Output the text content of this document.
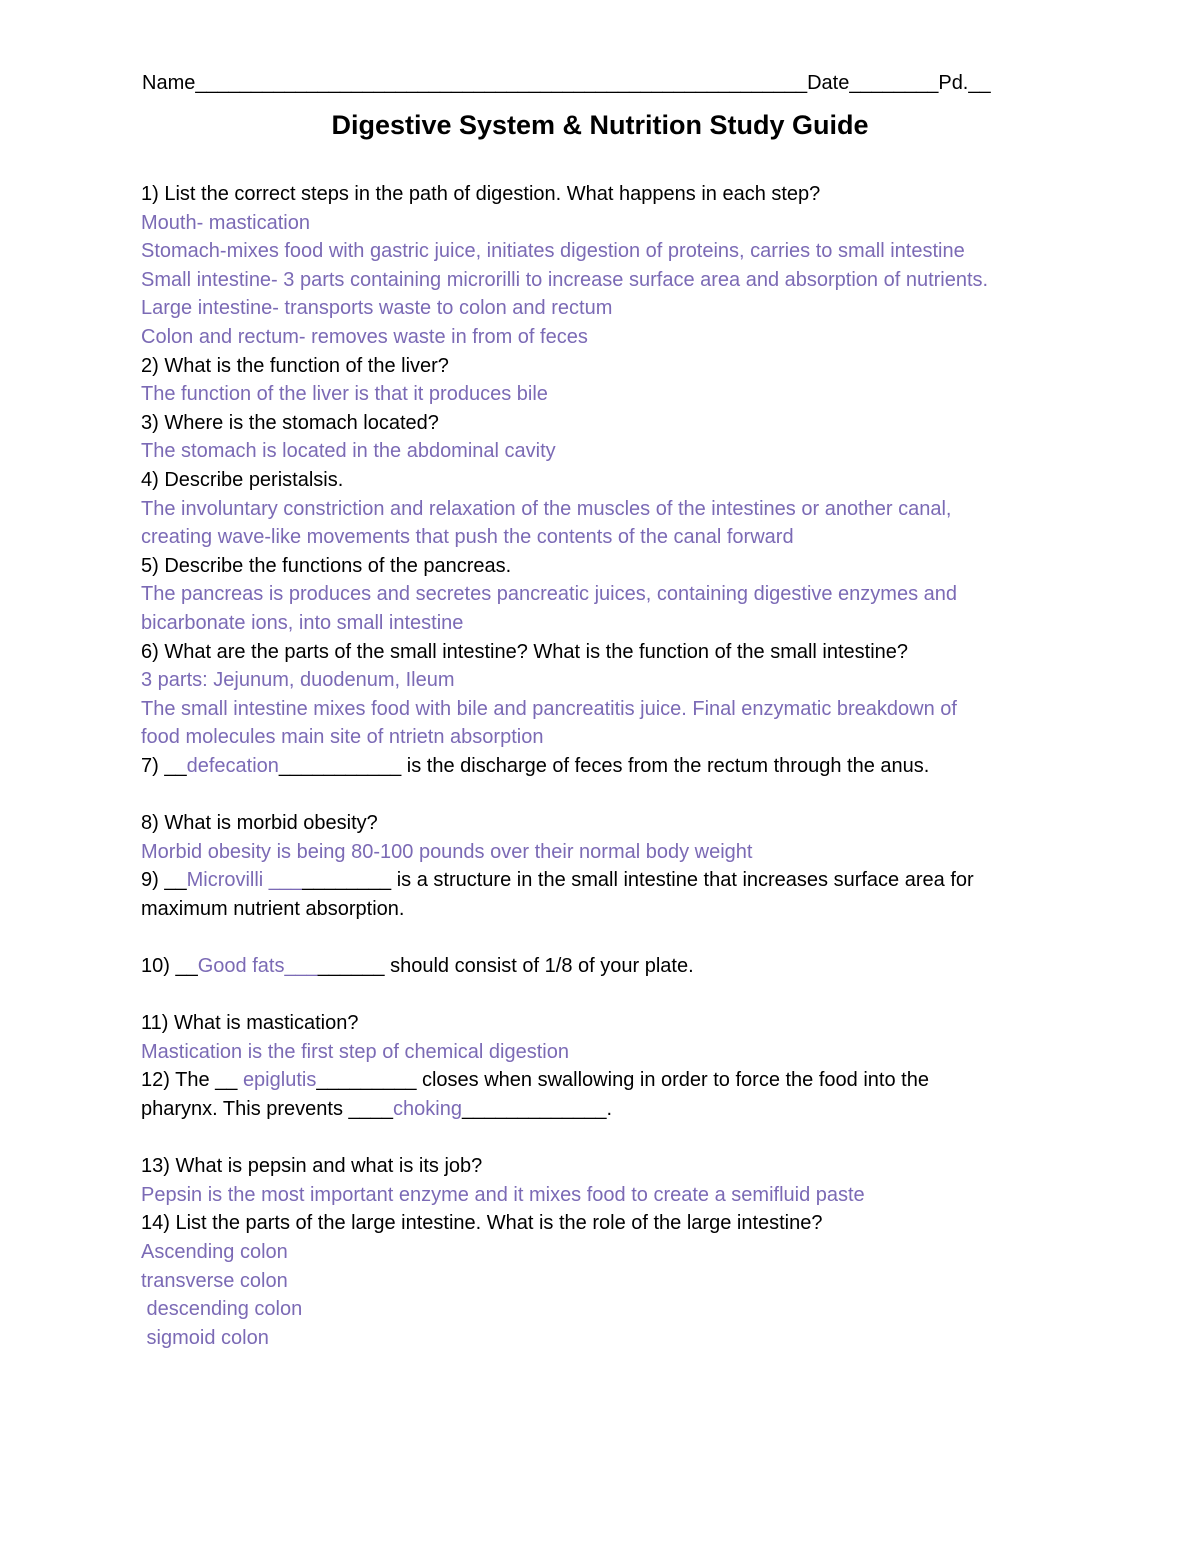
Name_______________________________________________________Date________Pd.__
Digestive System & Nutrition Study Guide
1) List the correct steps in the path of digestion. What happens in each step?
Mouth- mastication
Stomach-mixes food with gastric juice, initiates digestion of proteins, carries to small intestine
Small intestine- 3 parts containing microrilli to increase surface area and absorption of nutrients.
Large intestine- transports waste to colon and rectum
Colon and rectum- removes waste in from of feces
2) What is the function of the liver?
The function of the liver is that it produces bile
3) Where is the stomach located?
The stomach is located in the abdominal cavity
4) Describe peristalsis.
The involuntary constriction and relaxation of the muscles of the intestines or another canal,
creating wave-like movements that push the contents of the canal forward
5) Describe the functions of the pancreas.
The pancreas is produces and secretes pancreatic juices, containing digestive enzymes and
bicarbonate ions, into small intestine
6) What are the parts of the small intestine? What is the function of the small intestine?
3 parts: Jejunum, duodenum, Ileum
The small intestine mixes food with bile and pancreatitis juice. Final enzymatic breakdown of
food molecules main site of ntrietn absorption
7) __defecation___________ is the discharge of feces from the rectum through the anus.
8) What is morbid obesity?
Morbid obesity is being 80-100 pounds over their normal body weight
9) __Microvilli ___________ is a structure in the small intestine that increases surface area for
maximum nutrient absorption.
10) __Good fats_________ should consist of 1/8 of your plate.
11) What is mastication?
Mastication is the first step of chemical digestion
12) The __ epiglutis_________ closes when swallowing in order to force the food into the
pharynx. This prevents ____choking_____________.
13) What is pepsin and what is its job?
Pepsin is the most important enzyme and it mixes food to create a semifluid paste
14) List the parts of the large intestine. What is the role of the large intestine?
Ascending colon
transverse colon
descending colon
sigmoid colon
